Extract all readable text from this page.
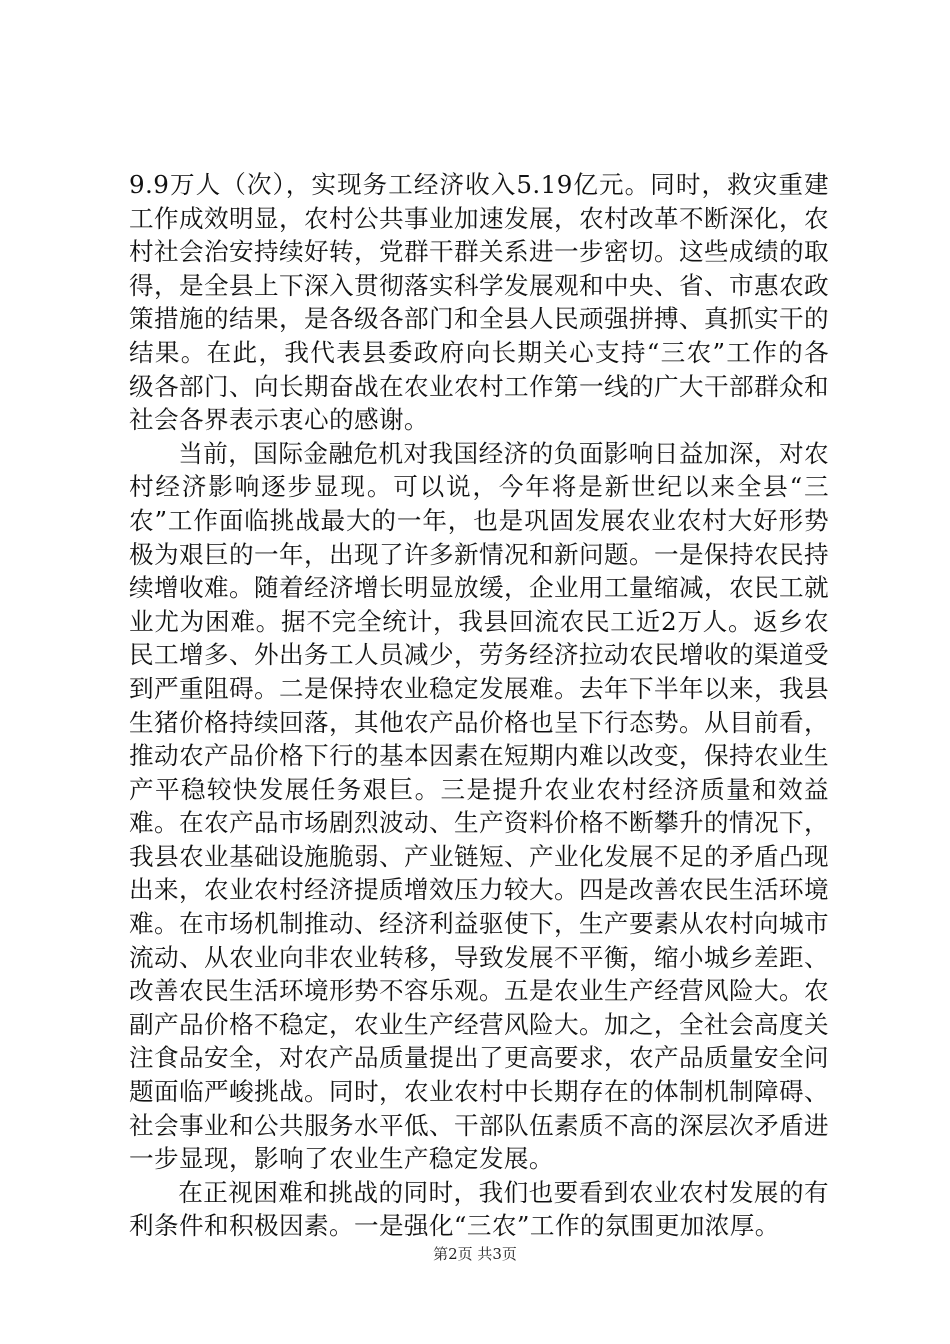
9.9万人（次），实现务工经济收入5.19亿元。同时，救灾重建工作成效明显，农村公共事业加速发展，农村改革不断深化，农村社会治安持续好转，党群干群关系进一步密切。这些成绩的取得，是全县上下深入贯彻落实科学发展观和中央、省、市惠农政策措施的结果，是各级各部门和全县人民顽强拼搏、真抓实干的结果。在此，我代表县委政府向长期关心支持“三农”工作的各级各部门、向长期奋战在农业农村工作第一线的广大干部群众和社会各界表示衷心的感谢。

当前，国际金融危机对我国经济的负面影响日益加深，对农村经济影响逐步显现。可以说，今年将是新世纪以来全县“三农”工作面临挑战最大的一年，也是巩固发展农业农村大好形势极为艰巨的一年，出现了许多新情况和新问题。一是保持农民持续增收难。随着经济增长明显放缓，企业用工量缩减，农民工就业尤为困难。据不完全统计，我县回流农民工近2万人。返乡农民工增多、外出务工人员减少，劳务经济拉动农民增收的渠道受到严重阻碍。二是保持农业稳定发展难。去年下半年以来，我县生猪价格持续回落，其他农产品价格也呈下行态势。从目前看，推动农产品价格下行的基本因素在短期内难以改变，保持农业生产平稳较快发展任务艰巨。三是提升农业农村经济质量和效益难。在农产品市场剧烈波动、生产资料价格不断攀升的情况下，我县农业基础设施脆弱、产业链短、产业化发展不足的矛盾凸现出来，农业农村经济提质增效压力较大。四是改善农民生活环境难。在市场机制推动、经济利益驱使下，生产要素从农村向城市流动、从农业向非农业转移，导致发展不平衡，缩小城乡差距、改善农民生活环境形势不容乐观。五是农业生产经营风险大。农副产品价格不稳定，农业生产经营风险大。加之，全社会高度关注食品安全，对农产品质量提出了更高要求，农产品质量安全问题面临严峻挑战。同时，农业农村中长期存在的体制机制障碍、社会事业和公共服务水平低、干部队伍素质不高的深层次矛盾进一步显现，影响了农业生产稳定发展。

在正视困难和挑战的同时，我们也要看到农业农村发展的有利条件和积极因素。一是强化“三农”工作的氛围更加浓厚。

第2页 共3页
